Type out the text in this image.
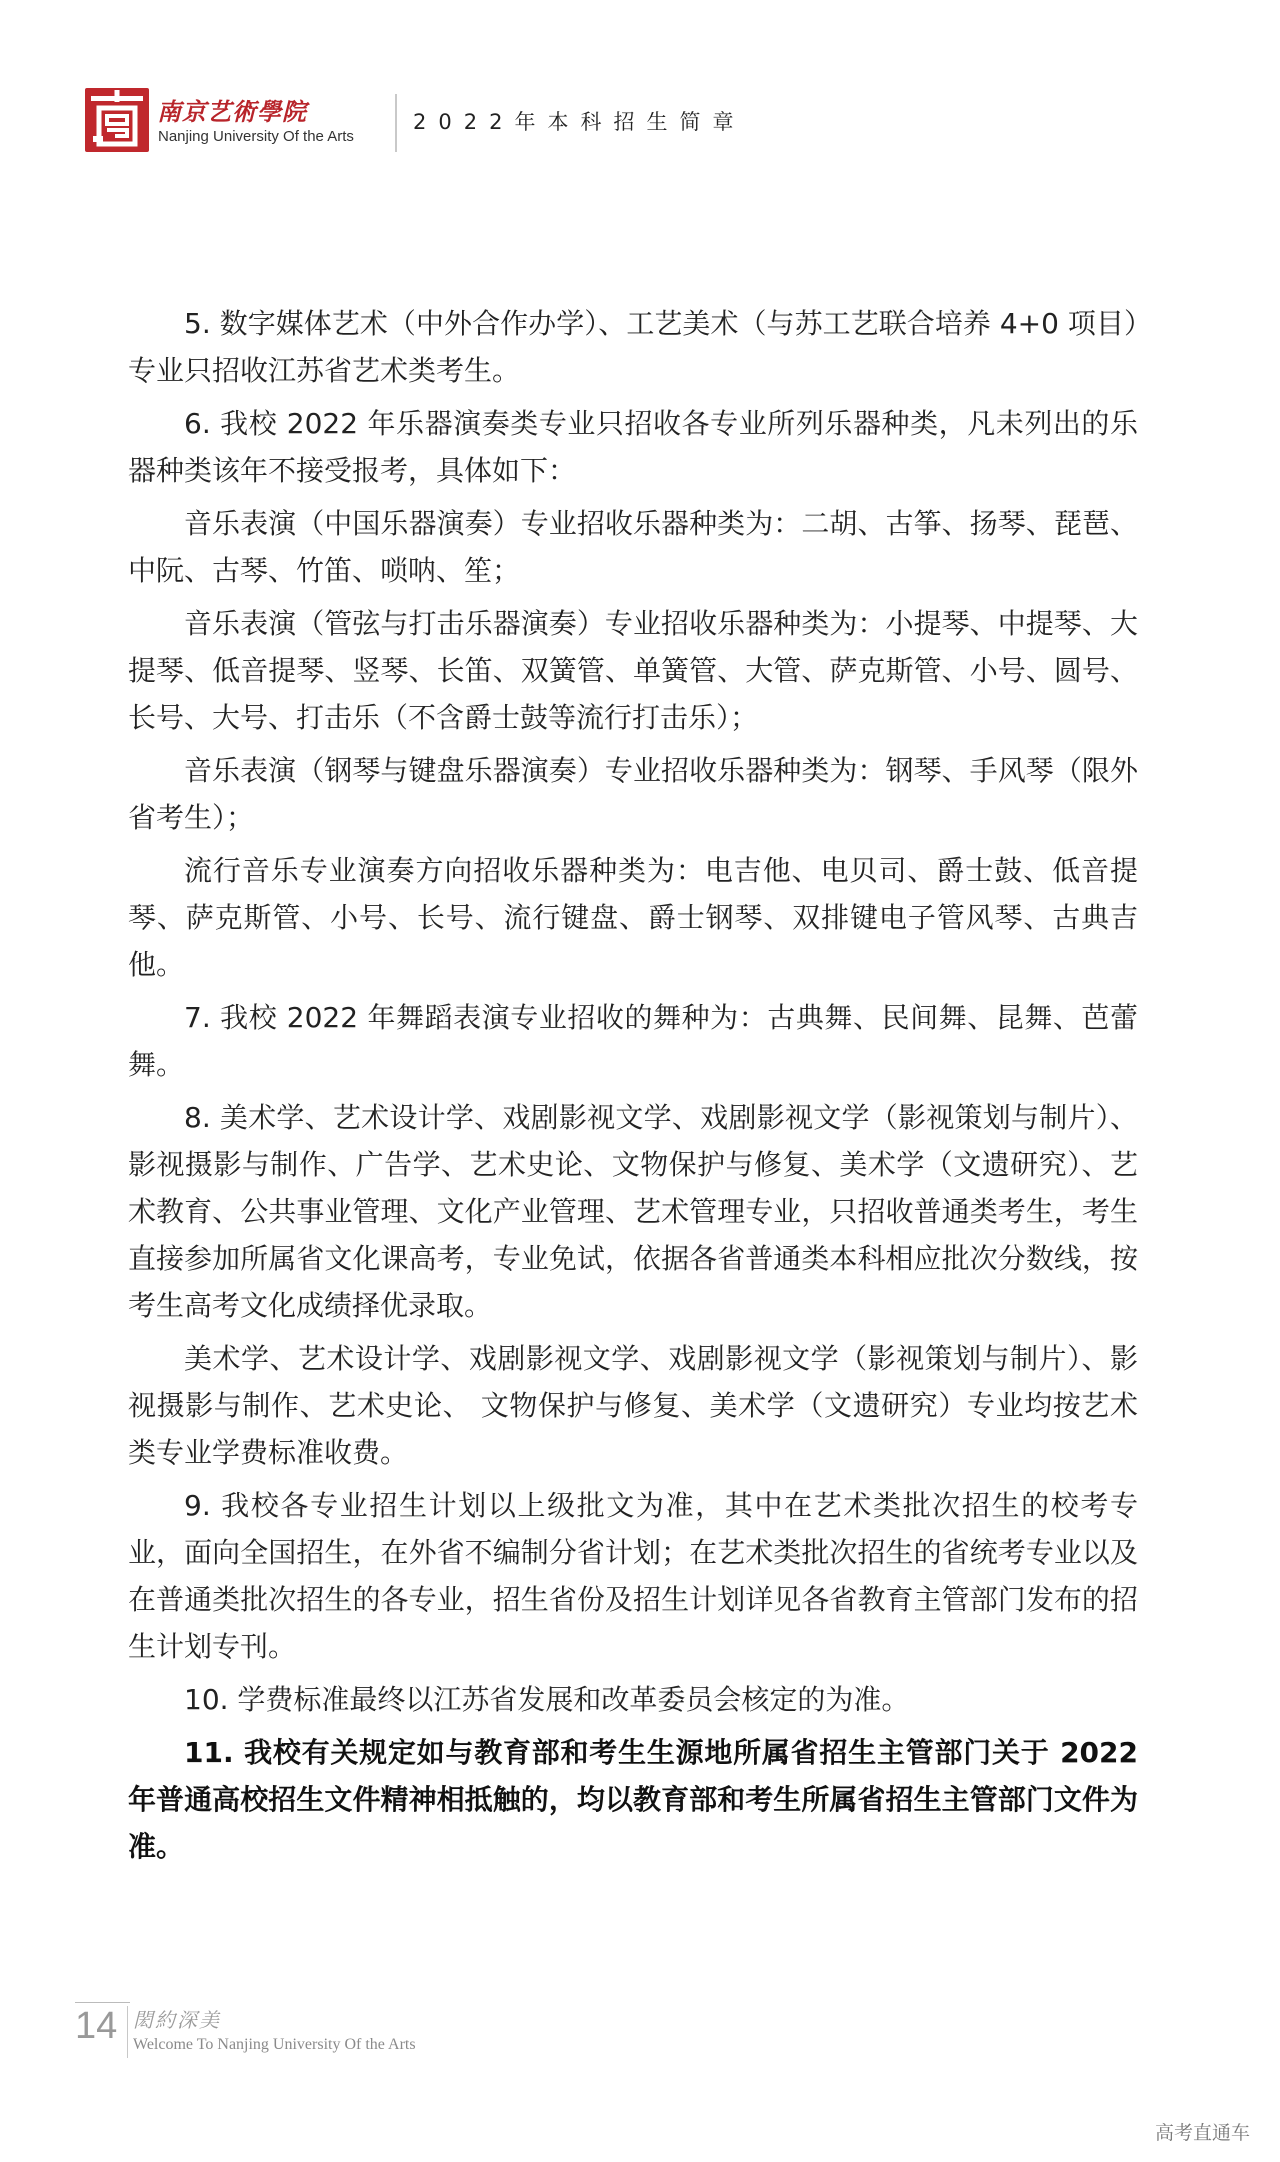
南京艺術學院
Nanjing University Of the Arts
2022年本科招生简章

5. 数字媒体艺术（中外合作办学）、工艺美术（与苏工艺联合培养 4+0 项目）专业只招收江苏省艺术类考生。

6. 我校 2022 年乐器演奏类专业只招收各专业所列乐器种类，凡未列出的乐器种类该年不接受报考，具体如下：

音乐表演（中国乐器演奏）专业招收乐器种类为：二胡、古筝、扬琴、琵琶、中阮、古琴、竹笛、唢呐、笙；

音乐表演（管弦与打击乐器演奏）专业招收乐器种类为：小提琴、中提琴、大提琴、低音提琴、竖琴、长笛、双簧管、单簧管、大管、萨克斯管、小号、圆号、长号、大号、打击乐（不含爵士鼓等流行打击乐）；

音乐表演（钢琴与键盘乐器演奏）专业招收乐器种类为：钢琴、手风琴（限外省考生）；

流行音乐专业演奏方向招收乐器种类为：电吉他、电贝司、爵士鼓、低音提琴、萨克斯管、小号、长号、流行键盘、爵士钢琴、双排键电子管风琴、古典吉他。

7. 我校 2022 年舞蹈表演专业招收的舞种为：古典舞、民间舞、昆舞、芭蕾舞。

8. 美术学、艺术设计学、戏剧影视文学、戏剧影视文学（影视策划与制片）、影视摄影与制作、广告学、艺术史论、文物保护与修复、美术学（文遗研究）、艺术教育、公共事业管理、文化产业管理、艺术管理专业，只招收普通类考生，考生直接参加所属省文化课高考，专业免试，依据各省普通类本科相应批次分数线，按考生高考文化成绩择优录取。

美术学、艺术设计学、戏剧影视文学、戏剧影视文学（影视策划与制片）、影视摄影与制作、艺术史论、 文物保护与修复、美术学（文遗研究）专业均按艺术类专业学费标准收费。

9. 我校各专业招生计划以上级批文为准，其中在艺术类批次招生的校考专业，面向全国招生，在外省不编制分省计划；在艺术类批次招生的省统考专业以及在普通类批次招生的各专业，招生省份及招生计划详见各省教育主管部门发布的招生计划专刊。

10. 学费标准最终以江苏省发展和改革委员会核定的为准。

11. 我校有关规定如与教育部和考生生源地所属省招生主管部门关于 2022 年普通高校招生文件精神相抵触的，均以教育部和考生所属省招生主管部门文件为准。

14 閎約深美
Welcome To Nanjing University Of the Arts
高考直通车
